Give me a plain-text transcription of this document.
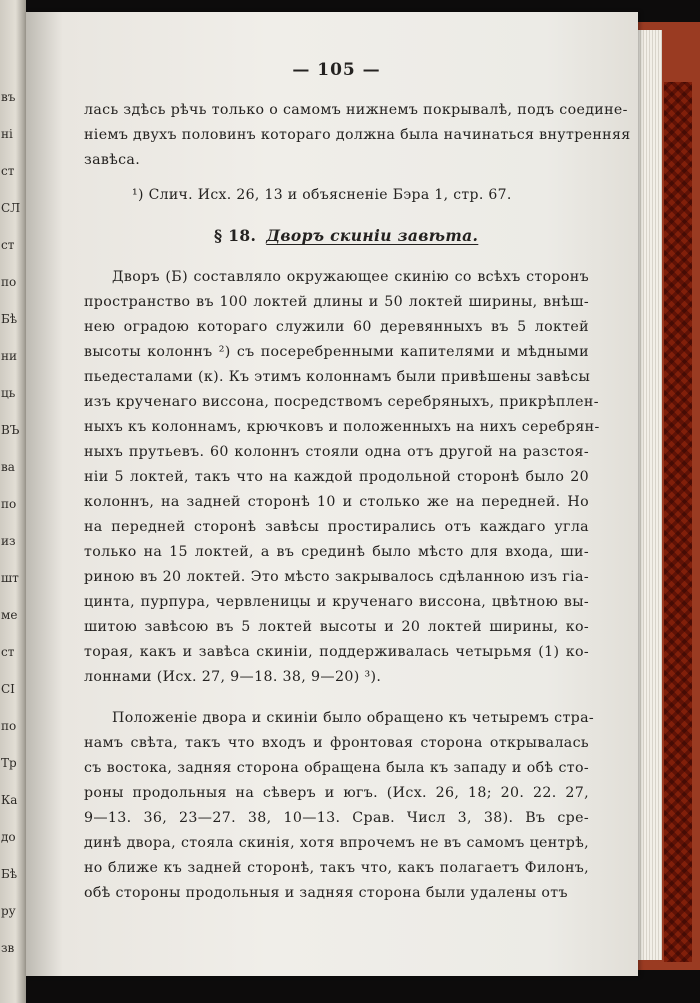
въ
ні
ст
СЛ
ст
по
Бѣ
ни
ць
ВЪ
ва
по
из
шт
ме
ст
СІ
по
Тр
Ка
до
Бѣ
ру
зв
— 105 —
лась здѣсь рѣчь только о самомъ нижнемъ покрывалѣ, подъ соедине-
ніемъ двухъ половинъ котораго должна была начинаться внутренняя
завѣса.
¹) Слич. Исх. 26, 13 и объясненіе Бэра 1, стр. 67.
§ 18. Дворъ скиніи завѣта.
Дворъ (Б) составляло окружающее скинію со всѣхъ сторонъ
пространство въ 100 локтей длины и 50 локтей ширины, внѣш-
нею оградою котораго служили 60 деревянныхъ въ 5 локтей
высоты колоннъ ²) съ посеребренными капителями и мѣдными
пьедесталами (к). Къ этимъ колоннамъ были привѣшены завѣсы
изъ крученаго виссона, посредствомъ серебряныхъ, прикрѣплен-
ныхъ къ колоннамъ, крючковъ и положенныхъ на нихъ серебрян-
ныхъ прутьевъ. 60 колоннъ стояли одна отъ другой на разстоя-
ніи 5 локтей, такъ что на каждой продольной сторонѣ было 20
колоннъ, на задней сторонѣ 10 и столько же на передней. Но
на передней сторонѣ завѣсы простирались отъ каждаго угла
только на 15 локтей, а въ срединѣ было мѣсто для входа, ши-
риною въ 20 локтей. Это мѣсто закрывалось сдѣланною изъ гіа-
цинта, пурпура, червленицы и крученаго виссона, цвѣтною вы-
шитою завѣсою въ 5 локтей высоты и 20 локтей ширины, ко-
торая, какъ и завѣса скиніи, поддерживалась четырьмя (1) ко-
лоннами (Исх. 27, 9—18. 38, 9—20) ³).
Положеніе двора и скиніи было обращено къ четыремъ стра-
намъ свѣта, такъ что входъ и фронтовая сторона открывалась
съ востока, задняя сторона обращена была къ западу и обѣ сто-
роны продольныя на сѣверъ и югъ. (Исх. 26, 18; 20. 22. 27,
9—13. 36, 23—27. 38, 10—13. Срав. Числ 3, 38). Въ сре-
динѣ двора, стояла скинія, хотя впрочемъ не въ самомъ центрѣ,
но ближе къ задней сторонѣ, такъ что, какъ полагаетъ Филонъ,
обѣ стороны продольныя и задняя сторона были удалены отъ
